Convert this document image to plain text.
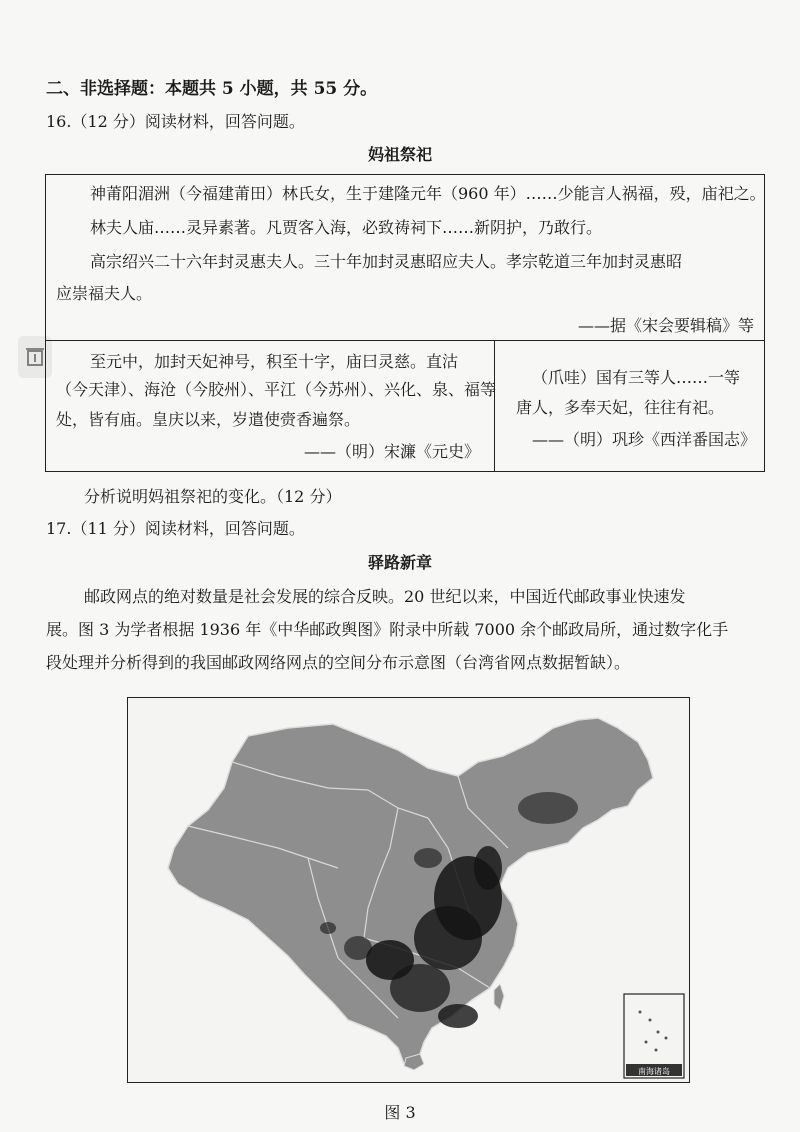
二、非选择题：本题共 5 小题，共 55 分。
16.（12 分）阅读材料，回答问题。
妈祖祭祀
神莆阳湄洲（今福建莆田）林氏女，生于建隆元年（960 年）……少能言人祸福，殁，庙祀之。
林夫人庙……灵异素著。凡贾客入海，必致祷祠下……新阴护，乃敢行。
高宗绍兴二十六年封灵惠夫人。三十年加封灵惠昭应夫人。孝宗乾道三年加封灵惠昭
应崇福夫人。
——据《宋会要辑稿》等
至元中，加封天妃神号，积至十字，庙曰灵慈。直沽
（今天津）、海沧（今胶州）、平江（今苏州）、兴化、泉、福等
处，皆有庙。皇庆以来，岁遣使赍香遍祭。
——（明）宋濂《元史》
（爪哇）国有三等人……一等
唐人，多奉天妃，往往有祀。
——（明）巩珍《西洋番国志》
分析说明妈祖祭祀的变化。（12 分）
17.（11 分）阅读材料，回答问题。
驿路新章
邮政网点的绝对数量是社会发展的综合反映。20 世纪以来，中国近代邮政事业快速发
展。图 3 为学者根据 1936 年《中华邮政舆图》附录中所载 7000 余个邮政局所，通过数字化手
段处理并分析得到的我国邮政网络网点的空间分布示意图（台湾省网点数据暂缺）。
南海诸岛
图 3
